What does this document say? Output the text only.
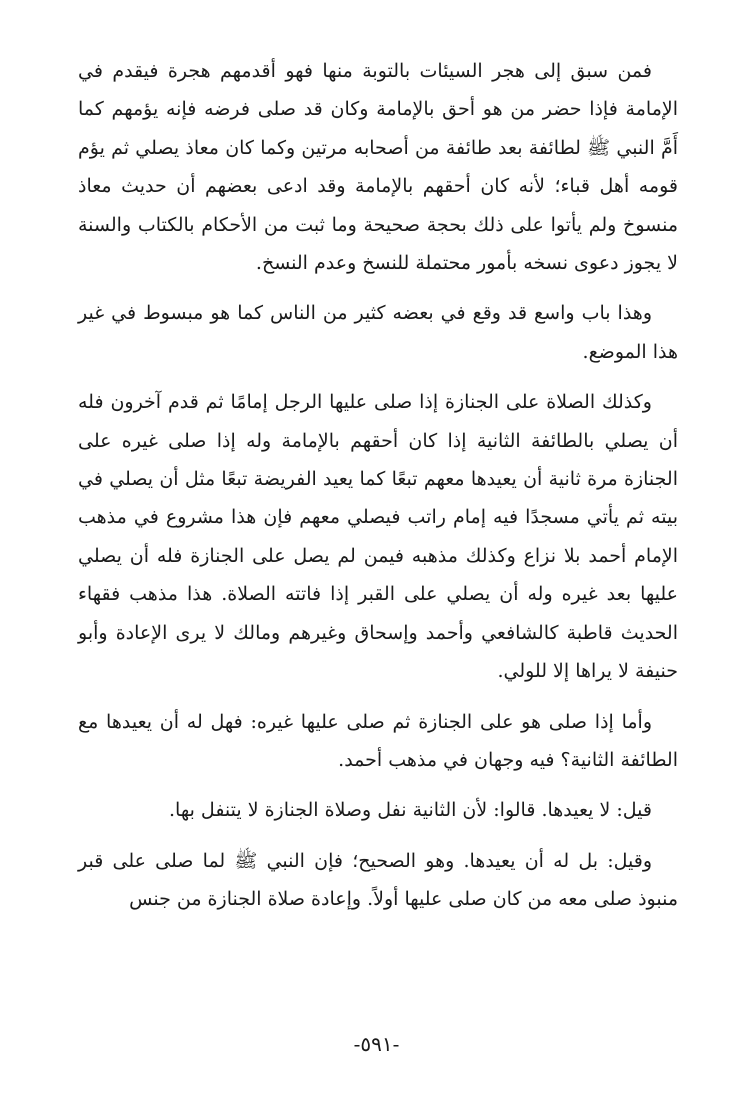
فمن سبق إلى هجر السيئات بالتوبة منها فهو أقدمهم هجرة فيقدم في الإمامة فإذا حضر من هو أحق بالإمامة وكان قد صلى فرضه فإنه يؤمهم كما أَمَّ النبي ﷺ لطائفة بعد طائفة من أصحابه مرتين وكما كان معاذ يصلي ثم يؤم قومه أهل قباء؛ لأنه كان أحقهم بالإمامة وقد ادعى بعضهم أن حديث معاذ منسوخ ولم يأتوا على ذلك بحجة صحيحة وما ثبت من الأحكام بالكتاب والسنة لا يجوز دعوى نسخه بأمور محتملة للنسخ وعدم النسخ.

وهذا باب واسع قد وقع في بعضه كثير من الناس كما هو مبسوط في غير هذا الموضع.

وكذلك الصلاة على الجنازة إذا صلى عليها الرجل إمامًا ثم قدم آخرون فله أن يصلي بالطائفة الثانية إذا كان أحقهم بالإمامة وله إذا صلى غيره على الجنازة مرة ثانية أن يعيدها معهم تبعًا كما يعيد الفريضة تبعًا مثل أن يصلي في بيته ثم يأتي مسجدًا فيه إمام راتب فيصلي معهم فإن هذا مشروع في مذهب الإمام أحمد بلا نزاع وكذلك مذهبه فيمن لم يصل على الجنازة فله أن يصلي عليها بعد غيره وله أن يصلي على القبر إذا فاتته الصلاة. هذا مذهب فقهاء الحديث قاطبة كالشافعي وأحمد وإسحاق وغيرهم ومالك لا يرى الإعادة وأبو حنيفة لا يراها إلا للولي.

وأما إذا صلى هو على الجنازة ثم صلى عليها غيره: فهل له أن يعيدها مع الطائفة الثانية؟ فيه وجهان في مذهب أحمد.

قيل: لا يعيدها. قالوا: لأن الثانية نفل وصلاة الجنازة لا يتنفل بها.

وقيل: بل له أن يعيدها. وهو الصحيح؛ فإن النبي ﷺ لما صلى على قبر منبوذ صلى معه من كان صلى عليها أولاً. وإعادة صلاة الجنازة من جنس

-٥٩١-
